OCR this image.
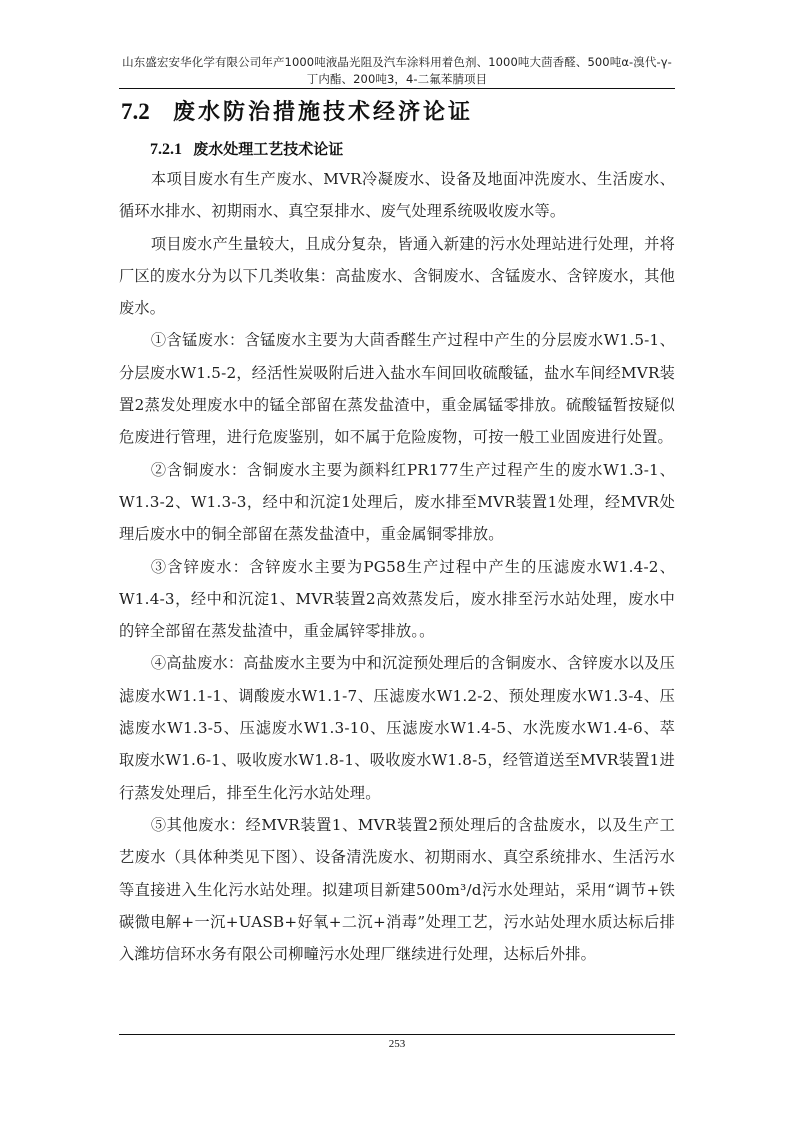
山东盛宏安华化学有限公司年产1000吨液晶光阻及汽车涂料用着色剂、1000吨大茴香醛、500吨α-溴代-γ-
丁内酯、200吨3，4-二氟苯腈项目
7.2	废水防治措施技术经济论证
7.2.1 废水处理工艺技术论证

本项目废水有生产废水、MVR冷凝废水、设备及地面冲洗废水、生活废水、循环水排水、初期雨水、真空泵排水、废气处理系统吸收废水等。

项目废水产生量较大，且成分复杂，皆通入新建的污水处理站进行处理，并将厂区的废水分为以下几类收集：高盐废水、含铜废水、含锰废水、含锌废水，其他废水。

①含锰废水：含锰废水主要为大茴香醛生产过程中产生的分层废水W1.5-1、分层废水W1.5-2，经活性炭吸附后进入盐水车间回收硫酸锰，盐水车间经MVR装置2蒸发处理废水中的锰全部留在蒸发盐渣中，重金属锰零排放。硫酸锰暂按疑似危废进行管理，进行危废鉴别，如不属于危险废物，可按一般工业固废进行处置。

②含铜废水：含铜废水主要为颜料红PR177生产过程产生的废水W1.3-1、W1.3-2、W1.3-3，经中和沉淀1处理后，废水排至MVR装置1处理，经MVR处理后废水中的铜全部留在蒸发盐渣中，重金属铜零排放。

③含锌废水：含锌废水主要为PG58生产过程中产生的压滤废水W1.4-2、W1.4-3，经中和沉淀1、MVR装置2高效蒸发后，废水排至污水站处理，废水中的锌全部留在蒸发盐渣中，重金属锌零排放。。

④高盐废水：高盐废水主要为中和沉淀预处理后的含铜废水、含锌废水以及压滤废水W1.1-1、调酸废水W1.1-7、压滤废水W1.2-2、预处理废水W1.3-4、压滤废水W1.3-5、压滤废水W1.3-10、压滤废水W1.4-5、水洗废水W1.4-6、萃取废水W1.6-1、吸收废水W1.8-1、吸收废水W1.8-5，经管道送至MVR装置1进行蒸发处理后，排至生化污水站处理。

⑤其他废水：经MVR装置1、MVR装置2预处理后的含盐废水，以及生产工艺废水（具体种类见下图）、设备清洗废水、初期雨水、真空系统排水、生活污水等直接进入生化污水站处理。拟建项目新建500m³/d污水处理站，采用“调节+铁碳微电解+一沉+UASB+好氧+二沉+消毒”处理工艺，污水站处理水质达标后排入潍坊信环水务有限公司柳疃污水处理厂继续进行处理，达标后外排。

253
